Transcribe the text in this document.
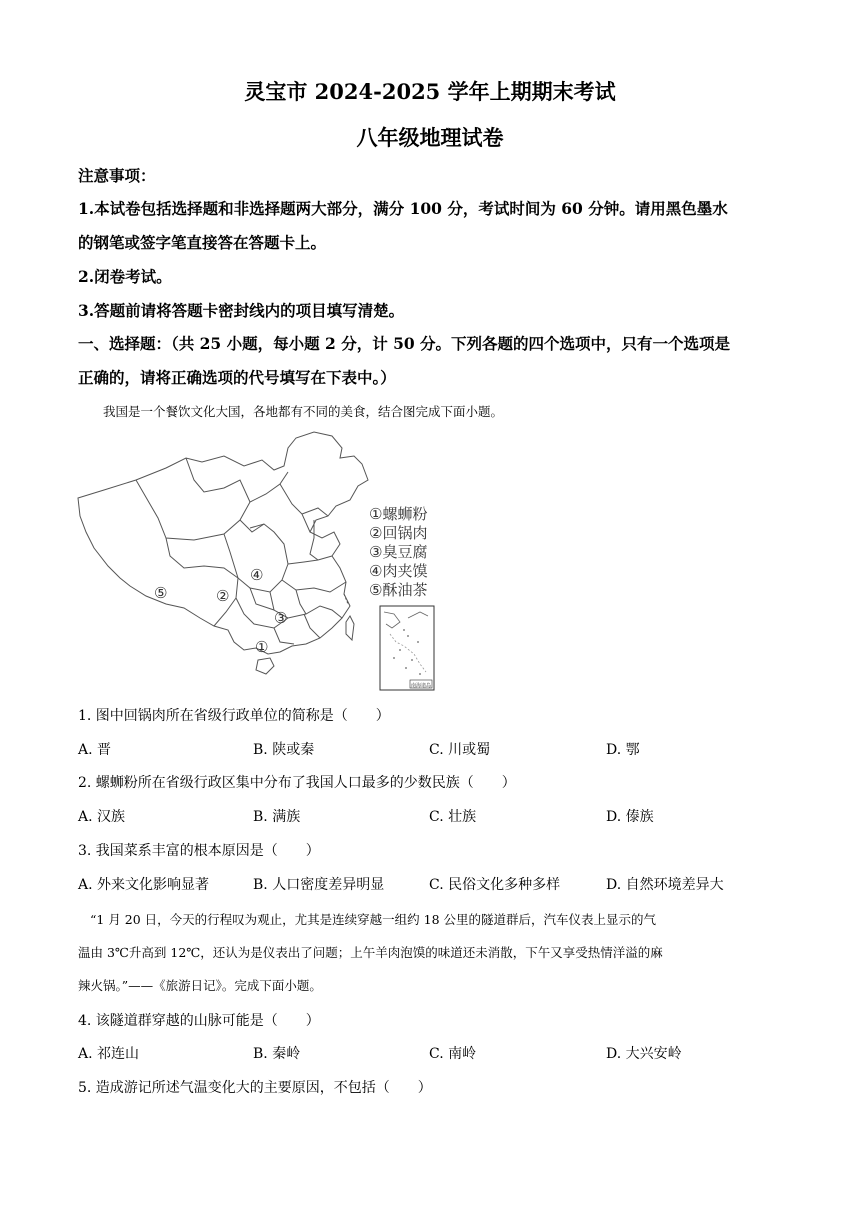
灵宝市 2024-2025 学年上期期末考试
八年级地理试卷
注意事项：
1.本试卷包括选择题和非选择题两大部分，满分 100 分，考试时间为 60 分钟。请用黑色墨水
的钢笔或签字笔直接答在答题卡上。
2.闭卷考试。
3.答题前请将答题卡密封线内的项目填写清楚。
一、选择题：（共 25 小题，每小题 2 分，计 50 分。下列各题的四个选项中，只有一个选项是
正确的，请将正确选项的代号填写在下表中。）
我国是一个餐饮文化大国，各地都有不同的美食，结合图完成下面小题。
⑤	②
④
③
①
①螺蛳粉
②回锅肉
③臭豆腐
④肉夹馍
⑤酥油茶
南海诸岛
1. 图中回锅肉所在省级行政单位的简称是（　　）
A. 晋	B. 陕或秦	C. 川或蜀	D. 鄂
2. 螺蛳粉所在省级行政区集中分布了我国人口最多的少数民族（　　）
A. 汉族	B. 满族	C. 壮族	D. 傣族
3. 我国菜系丰富的根本原因是（　　）
A. 外来文化影响显著	B. 人口密度差异明显	C. 民俗文化多种多样	D. 自然环境差异大
“1 月 20 日，今天的行程叹为观止，尤其是连续穿越一组约 18 公里的隧道群后，汽车仪表上显示的气
温由 3℃升高到 12℃，还认为是仪表出了问题；上午羊肉泡馍的味道还未消散，下午又享受热情洋溢的麻
辣火锅。”——《旅游日记》。完成下面小题。
4. 该隧道群穿越的山脉可能是（　　）
A. 祁连山	B. 秦岭	C. 南岭	D. 大兴安岭
5. 造成游记所述气温变化大的主要原因，不包括（　　）
